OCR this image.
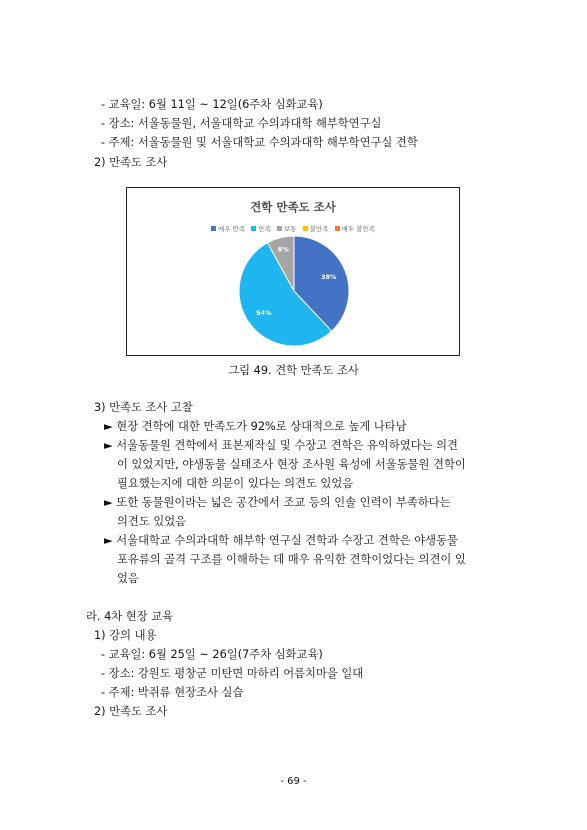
- 교육일: 6월 11일 ~ 12일(6주차 심화교육)
- 장소: 서울동물원, 서울대학교 수의과대학 해부학연구실
- 주제: 서울동물원 및 서울대학교 수의과대학 해부학연구실 견학
2) 만족도 조사
견학 만족도 조사
매우 만족 만족 보통 불만족 매우 불만족
38%
54%
8%
그림 49. 견학 만족도 조사
3) 만족도 조사 고찰
► 현장 견학에 대한 만족도가 92%로 상대적으로 높게 나타남
► 서울동물원 견학에서 표본제작실 및 수장고 견학은 유익하였다는 의견
이 있었지만, 야생동물 실태조사 현장 조사원 육성에 서울동물원 견학이
필요했는지에 대한 의문이 있다는 의견도 있었음
► 또한 동물원이라는 넓은 공간에서 조교 등의 인솔 인력이 부족하다는
의견도 있었음
► 서울대학교 수의과대학 해부학 연구실 견학과 수장고 견학은 야생동물
포유류의 골격 구조를 이해하는 데 매우 유익한 견학이었다는 의견이 있
었음
라. 4차 현장 교육
1) 강의 내용
- 교육일: 6월 25일 ~ 26일(7주차 심화교육)
- 장소: 강원도 평창군 미탄면 마하리 어름치마을 일대
- 주제: 박쥐류 현장조사 실습
2) 만족도 조사
- 69 -
